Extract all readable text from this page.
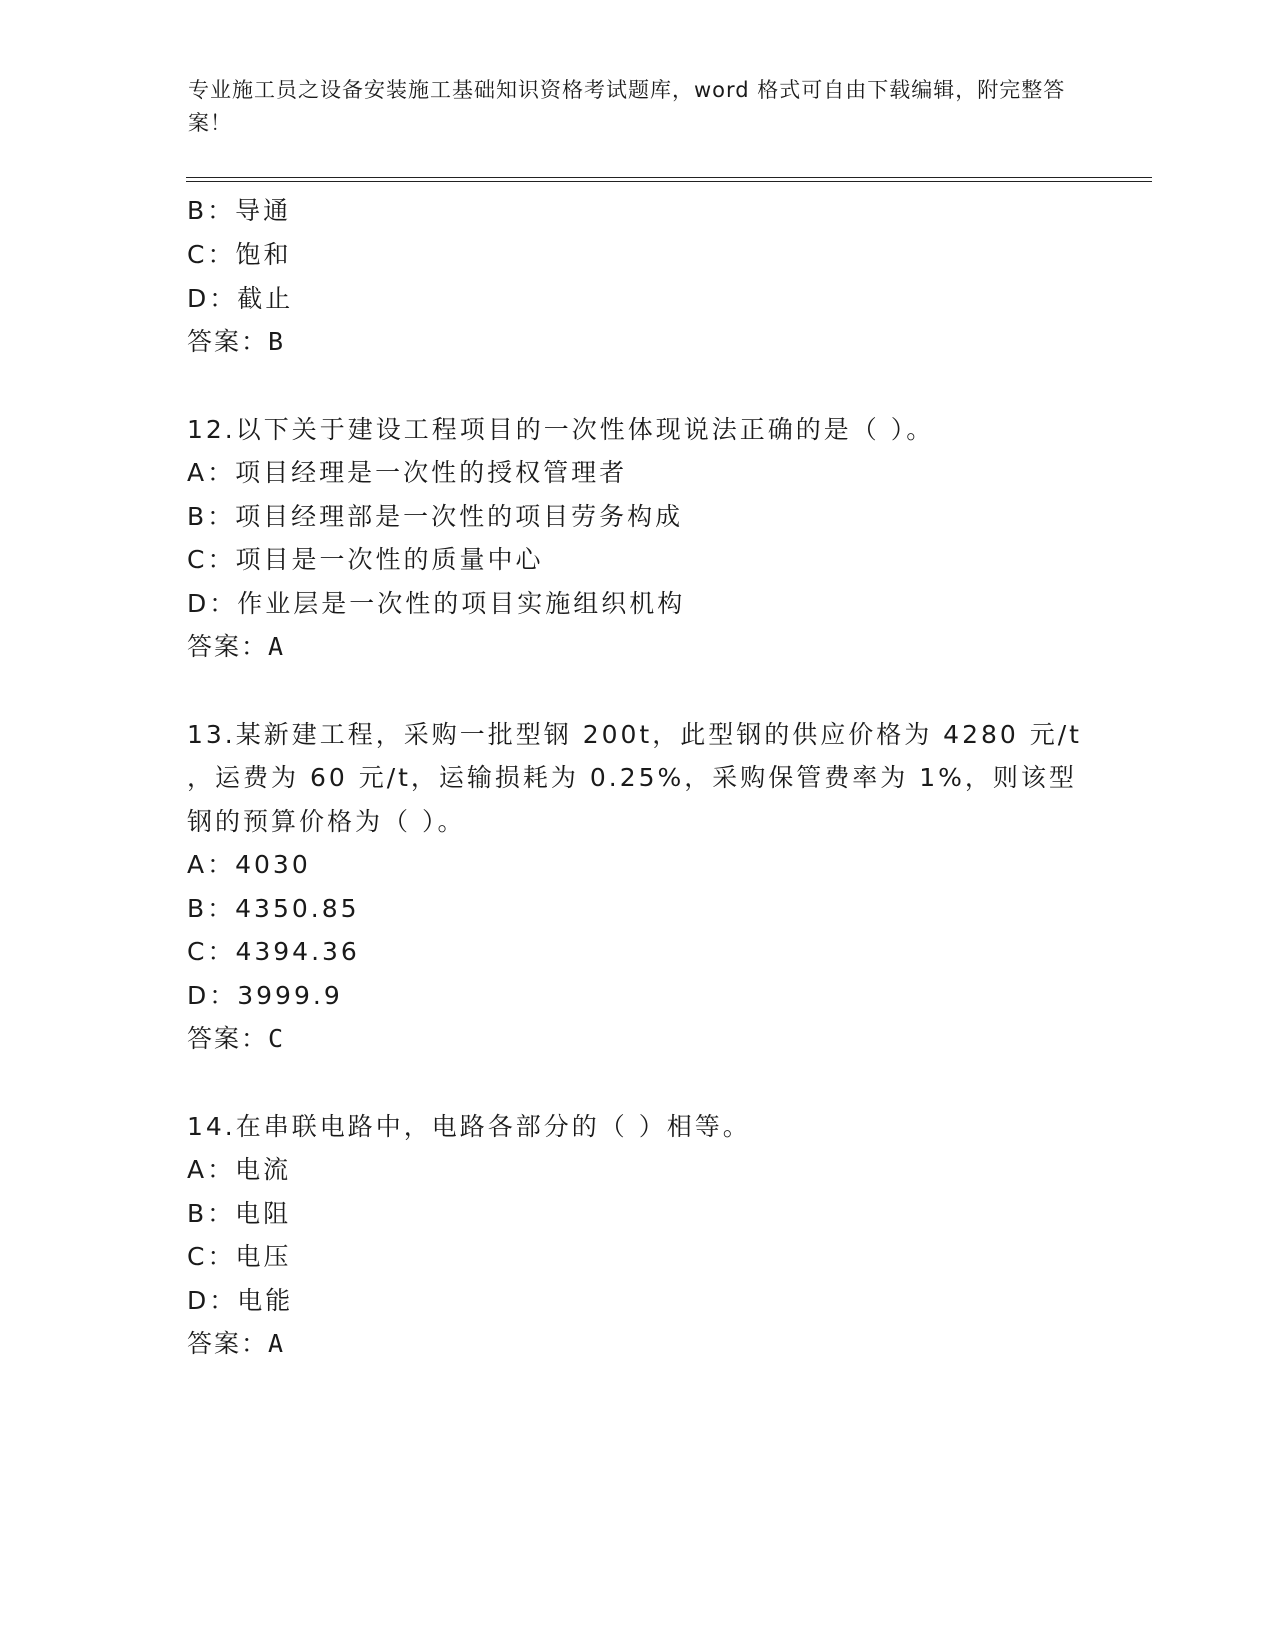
专业施工员之设备安装施工基础知识资格考试题库，word 格式可自由下载编辑，附完整答案！
B：导通
C：饱和
D：截止
答案：B
12.以下关于建设工程项目的一次性体现说法正确的是（ ）。
A：项目经理是一次性的授权管理者
B：项目经理部是一次性的项目劳务构成
C：项目是一次性的质量中心
D：作业层是一次性的项目实施组织机构
答案：A
13.某新建工程，采购一批型钢 200t，此型钢的供应价格为 4280 元/t
，运费为 60 元/t，运输损耗为 0.25%，采购保管费率为 1%，则该型
钢的预算价格为（ ）。
A：4030
B：4350.85
C：4394.36
D：3999.9
答案：C
14.在串联电路中，电路各部分的（ ）相等。
A：电流
B：电阻
C：电压
D：电能
答案：A
